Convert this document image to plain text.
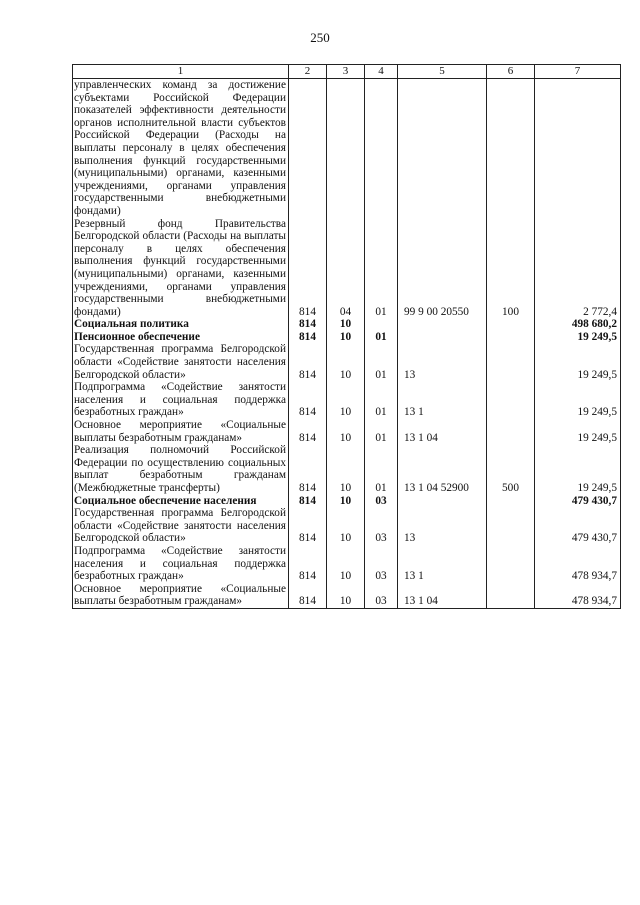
250
1	2	3	4	5	6	7
управленческих команд за достижение субъектами Российской Федерации показателей эффективности деятельности органов исполнительной власти субъектов Российской Федерации (Расходы на выплаты персоналу в целях обеспечения выполнения функций государственными (муниципальными) органами, казенными учреждениями, органами управления государственными внебюджетными фондами)						
Резервный фонд Правительства Белгородской области (Расходы на выплаты персоналу в целях обеспечения выполнения функций государственными (муниципальными) органами, казенными учреждениями, органами управления государственными внебюджетными фондами)	814	04	01	99 9 00 20550	100	2 772,4
Социальная политика	814	10				498 680,2
Пенсионное обеспечение	814	10	01			19 249,5
Государственная программа Белгородской области «Содействие занятости населения Белгородской области»	814	10	01	13		19 249,5
Подпрограмма «Содействие занятости населения и социальная поддержка безработных граждан»	814	10	01	13 1		19 249,5
Основное мероприятие «Социальные выплаты безработным гражданам»	814	10	01	13 1 04		19 249,5
Реализация полномочий Российской Федерации по осуществлению социальных выплат безработным гражданам (Межбюджетные трансферты)	814	10	01	13 1 04 52900	500	19 249,5
Социальное обеспечение населения	814	10	03			479 430,7
Государственная программа Белгородской области «Содействие занятости населения Белгородской области»	814	10	03	13		479 430,7
Подпрограмма «Содействие занятости населения и социальная поддержка безработных граждан»	814	10	03	13 1		478 934,7
Основное мероприятие «Социальные выплаты безработным гражданам»	814	10	03	13 1 04		478 934,7
